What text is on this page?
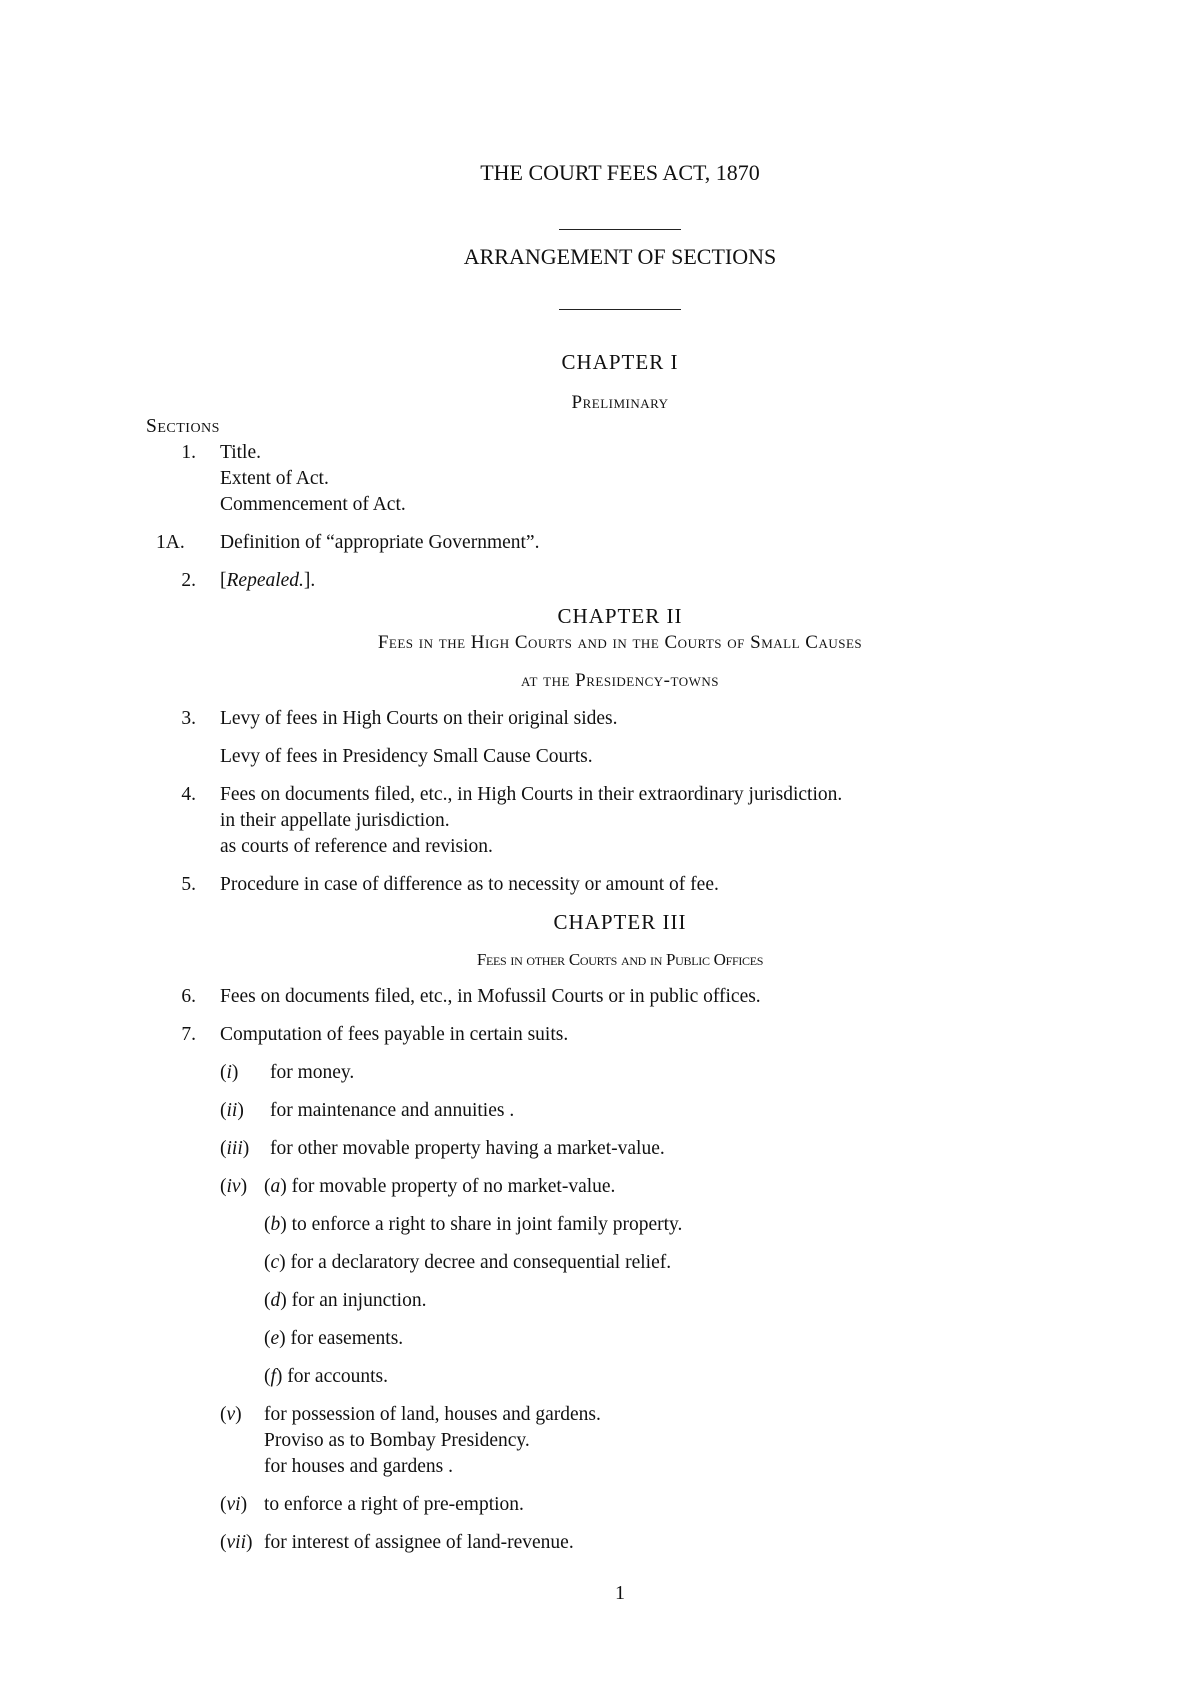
THE COURT FEES ACT, 1870
ARRANGEMENT OF SECTIONS
CHAPTER I
Preliminary
Sections
1. Title.
Extent of Act.
Commencement of Act.
1A.	Definition of “appropriate Government”.
2. [Repealed.].
CHAPTER II
Fees in the High Courts and in the Courts of Small Causes
at the Presidency-towns
3. Levy of fees in High Courts on their original sides.
Levy of fees in Presidency Small Cause Courts.
4. Fees on documents filed, etc., in High Courts in their extraordinary jurisdiction.
in their appellate jurisdiction.
as courts of reference and revision.
5. Procedure in case of difference as to necessity or amount of fee.
CHAPTER III
Fees in other Courts and in Public Offices
6. Fees on documents filed, etc., in Mofussil Courts or in public offices.
7. Computation of fees payable in certain suits.
(i) for money.
(ii) for maintenance and annuities .
(iii) for other movable property having a market-value.
(iv) (a) for movable property of no market-value.
(b) to enforce a right to share in joint family property.
(c) for a declaratory decree and consequential relief.
(d) for an injunction.
(e) for easements.
(f) for accounts.
(v) for possession of land, houses and gardens.
Proviso as to Bombay Presidency.
for houses and gardens .
(vi) to enforce a right of pre-emption.
(vii) for interest of assignee of land-revenue.
1
